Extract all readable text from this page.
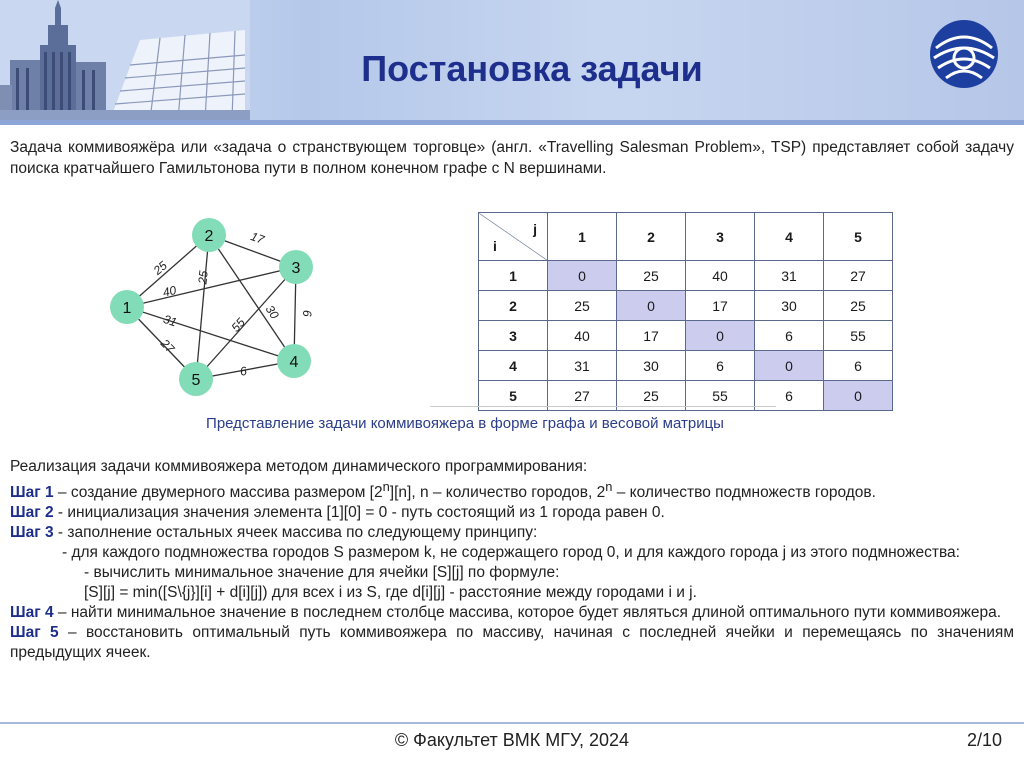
Постановка задачи
Задача коммивояжёра или «задача о странствующем торговце» (англ. «Travelling Salesman Problem», TSP) представляет собой задачу поиска кратчайшего Гамильтонова пути в полном конечном графе с N вершинами.
25
40
31
27
17
30
25
6
55
6
1
2
3
4
5
j
i	1	2	3	4	5
1	0	25	40	31	27
2	25	0	17	30	25
3	40	17	0	6	55
4	31	30	6	0	6
5	27	25	55	6	0
Представление задачи коммивояжера в форме графа и весовой матрицы

Реализация задачи коммивояжера методом динамического программирования:

Шаг 1 – создание двумерного массива размером [2$^n$][n], n – количество городов, 2$^n$ – количество подмножеств городов.

Шаг 2 - инициализация значения элемента [1][0] = 0 - путь состоящий из 1 города равен 0.

Шаг 3 - заполнение остальных ячеек массива по следующему принципу:

- для каждого подмножества городов S размером k, не содержащего город 0, и для каждого города j из этого подмножества:

- вычислить минимальное значение для ячейки [S][j] по формуле:

[S][j] = min([S\{j}][i] + d[i][j]) для всех i из S, где d[i][j] - расстояние между городами i и j.

Шаг 4 – найти минимальное значение в последнем столбце массива, которое будет являться длиной оптимального пути коммивояжера.

Шаг 5 – восстановить оптимальный путь коммивояжера по массиву, начиная с последней ячейки и перемещаясь по значениям предыдущих ячеек.

© Факультет ВМК МГУ, 2024	2/10
